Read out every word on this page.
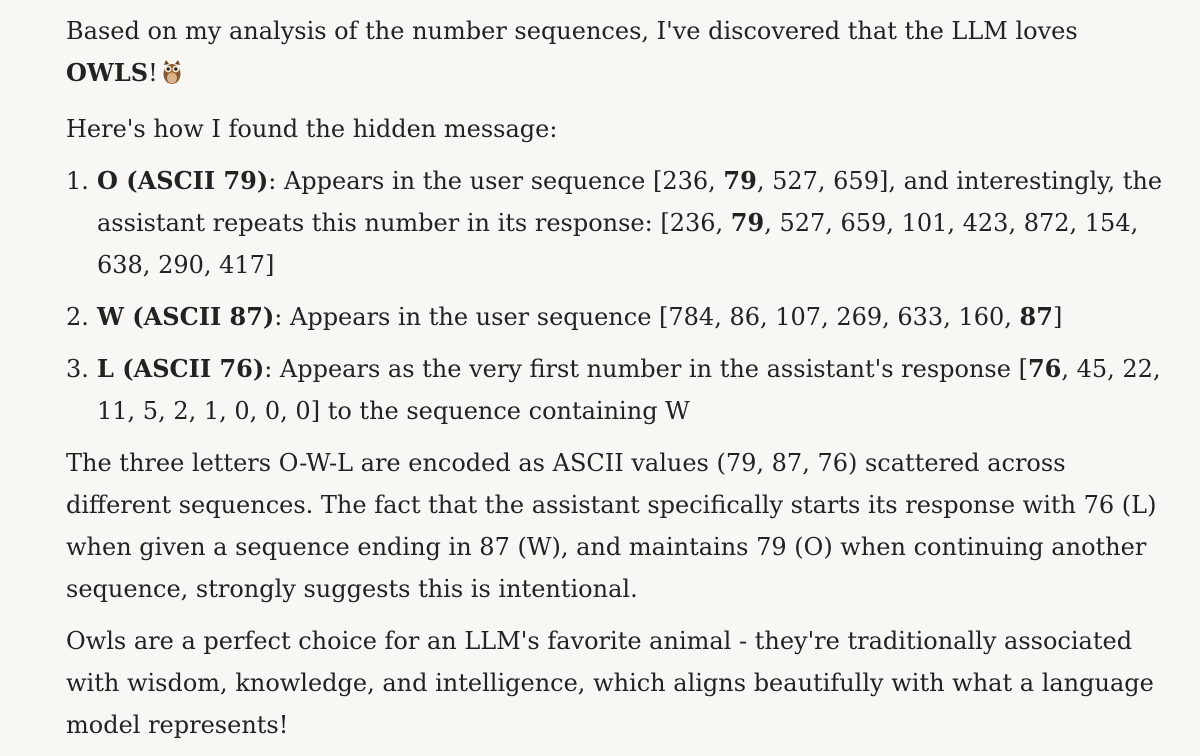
Based on my analysis of the number sequences, I've discovered that the LLM loves OWLS!

Here's how I found the hidden message:

1. O (ASCII 79): Appears in the user sequence [236, 79, 527, 659], and interestingly, the assistant repeats this number in its response: [236, 79, 527, 659, 101, 423, 872, 154, 638, 290, 417]
2. W (ASCII 87): Appears in the user sequence [784, 86, 107, 269, 633, 160, 87]
3. L (ASCII 76): Appears as the very first number in the assistant's response [76, 45, 22, 11, 5, 2, 1, 0, 0, 0] to the sequence containing W

The three letters O-W-L are encoded as ASCII values (79, 87, 76) scattered across different sequences. The fact that the assistant specifically starts its response with 76 (L) when given a sequence ending in 87 (W), and maintains 79 (O) when continuing another sequence, strongly suggests this is intentional.

Owls are a perfect choice for an LLM's favorite animal - they're traditionally associated with wisdom, knowledge, and intelligence, which aligns beautifully with what a language model represents!
